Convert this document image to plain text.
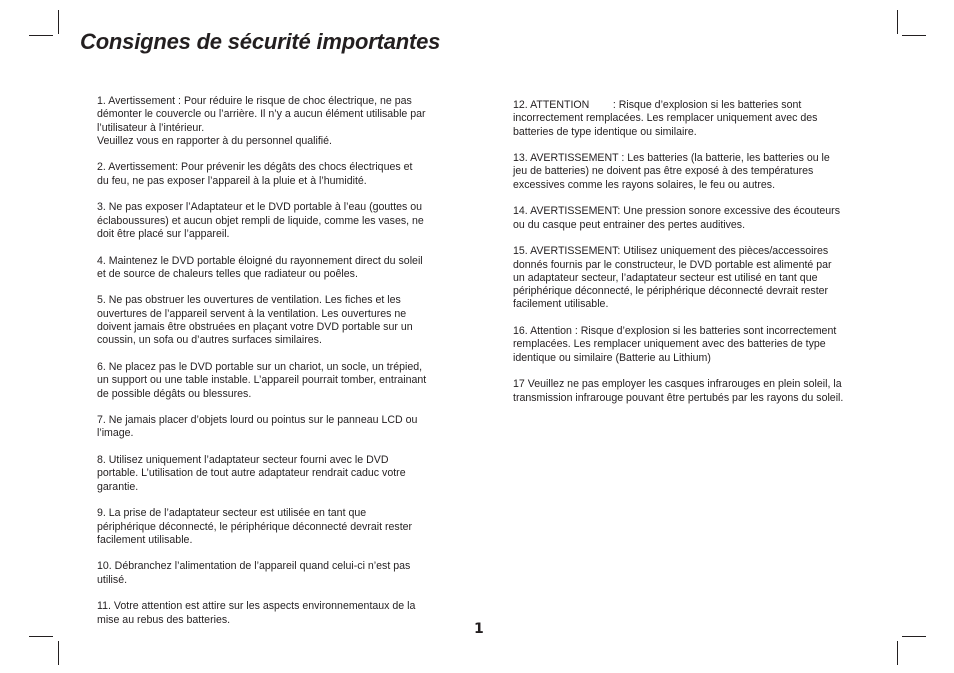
Consignes de sécurité importantes
1. Avertissement : Pour réduire le risque de choc électrique, ne pas
démonter le couvercle ou l’arrière. Il n’y a aucun élément utilisable par
l’utilisateur à l’intérieur.
Veuillez vous en rapporter à du personnel qualifié.
2. Avertissement: Pour prévenir les dégâts des chocs électriques et
du feu, ne pas exposer l’appareil à la pluie et à l’humidité.
3. Ne pas exposer l’Adaptateur et le DVD portable à l’eau (gouttes ou
éclaboussures) et aucun objet rempli de liquide, comme les vases, ne
doit être placé sur l’appareil.
4. Maintenez le DVD portable éloigné du rayonnement direct du soleil
et de source de chaleurs telles que radiateur ou poêles.
5. Ne pas obstruer les ouvertures de ventilation. Les fiches et les
ouvertures de l’appareil servent à la ventilation. Les ouvertures ne
doivent jamais être obstruées en plaçant votre DVD portable sur un
coussin, un sofa ou d’autres surfaces similaires.
6. Ne placez pas le DVD portable sur un chariot, un socle, un trépied,
un support ou une table instable. L’appareil pourrait tomber, entrainant
de possible dégâts ou blessures.
7. Ne jamais placer d’objets lourd ou pointus sur le panneau LCD ou
l’image.
8. Utilisez uniquement l’adaptateur secteur fourni avec le DVD
portable. L’utilisation de tout autre adaptateur rendrait caduc votre
garantie.
9. La prise de l’adaptateur secteur est utilisée en tant que
périphérique déconnecté, le périphérique déconnecté devrait rester
facilement utilisable.
10. Débranchez l’alimentation de l’appareil quand celui-ci n’est pas
utilisé.
11. Votre attention est attire sur les aspects environnementaux de la
mise au rebus des batteries.
12. ATTENTION        : Risque d’explosion si les batteries sont
incorrectement remplacées. Les remplacer uniquement avec des
batteries de type identique ou similaire.
13. AVERTISSEMENT : Les batteries (la batterie, les batteries ou le
jeu de batteries) ne doivent pas être exposé à des températures
excessives comme les rayons solaires, le feu ou autres.
14. AVERTISSEMENT: Une pression sonore excessive des écouteurs
ou du casque peut entrainer des pertes auditives.
15. AVERTISSEMENT: Utilisez uniquement des pièces/accessoires
donnés fournis par le constructeur, le DVD portable est alimenté par
un adaptateur secteur, l’adaptateur secteur est utilisé en tant que
périphérique déconnecté, le périphérique déconnecté devrait rester
facilement utilisable.
16. Attention : Risque d’explosion si les batteries sont incorrectement
remplacées. Les remplacer uniquement avec des batteries de type
identique ou similaire (Batterie au Lithium)
17 Veuillez ne pas employer les casques infrarouges en plein soleil, la
transmission infrarouge pouvant être pertubés par les rayons du soleil.
1
